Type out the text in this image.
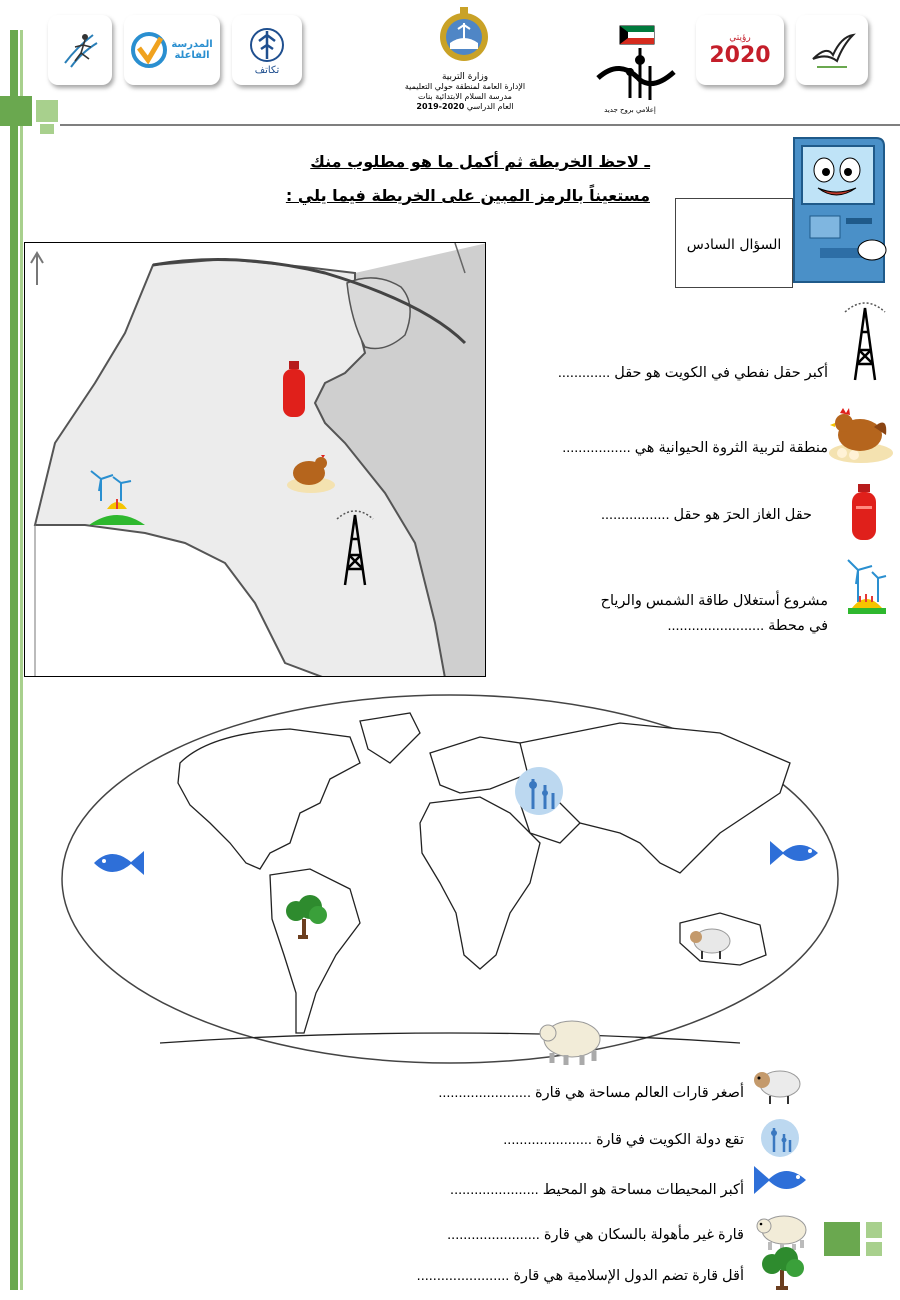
المدرسة الفاعلة
تكاتف
وزارة التربية
الإدارة العامة لمنطقة حولي التعليمية
مدرسة السلام الابتدائية بنات
العام الدراسي 2020-2019	إعلامي بروح جديد
رؤيتي
2020
ـ لاحظ الخريطة ثم أكمل ما هو مطلوب منك
مستعيناً بالرمز المبين على الخريطة فيما يلي :
السؤال السادس
أكبر حقل نفطي في الكويت هو حقل .............
منطقة لتربية الثروة الحيوانية هي .................
حقل الغاز الحرَ هو حقل .................
مشروع أستغلال طاقة الشمس والرياح
في محطة ........................
أصغر قارات العالم مساحة هي قارة .......................
تقع دولة الكويت في قارة ......................
أكبر المحيطات مساحة هو المحيط ......................
قارة غير مأهولة بالسكان هي قارة .......................
أقل قارة تضم الدول الإسلامية هي قارة .......................
